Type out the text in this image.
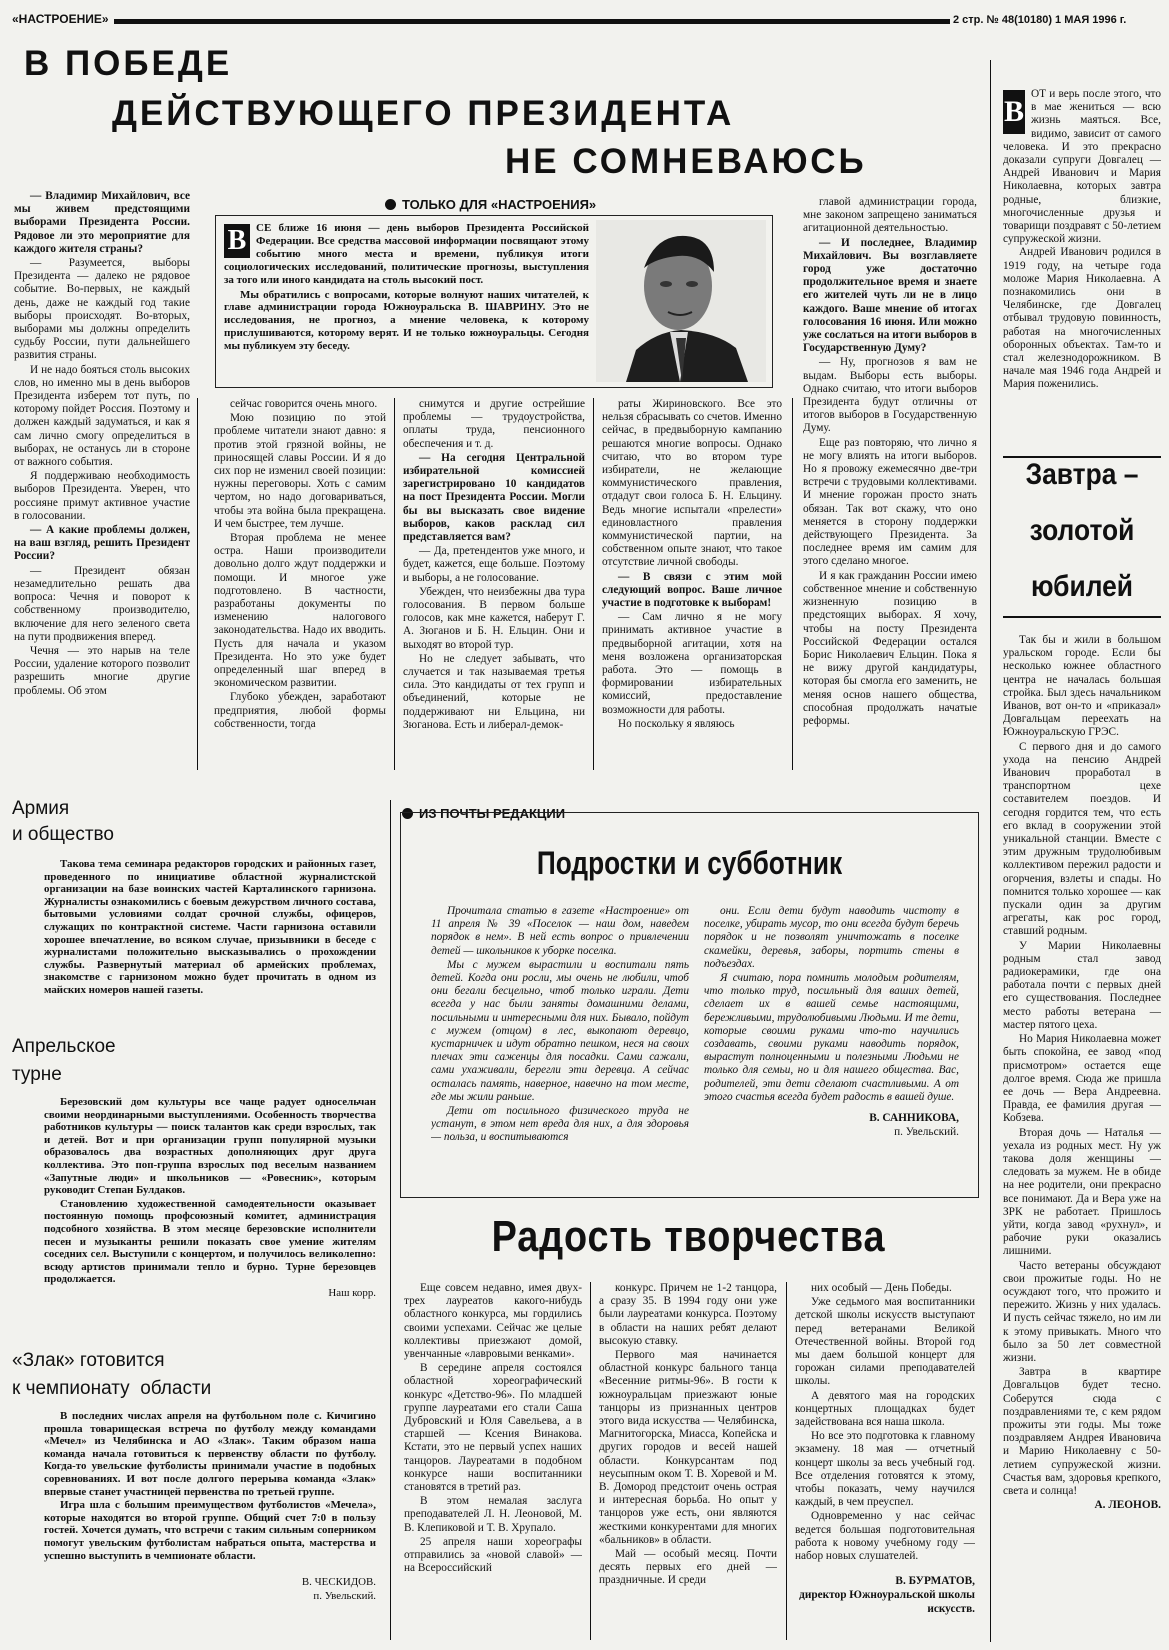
«НАСТРОЕНИЕ»	2 стр. № 48(10180) 1 МАЯ 1996 г.
В ПОБЕДЕ
ДЕЙСТВУЮЩЕГО ПРЕЗИДЕНТА
НЕ СОМНЕВАЮСЬ
ТОЛЬКО ДЛЯ «НАСТРОЕНИЯ»
В СЕ ближе 16 июня — день выборов Президента Российской Федерации. Все средства массовой информации посвящают этому событию много места и времени, публикуя итоги социологических исследований, политические прогнозы, выступления за того или иного кандидата на столь высокий пост.

Мы обратились с вопросами, которые волнуют наших читателей, к главе администрации города Южноуральска В. ШАВРИНУ. Это не исследования, не прогноз, а мнение человека, к которому прислушиваются, которому верят. И не только южноуральцы. Сегодня мы публикуем эту беседу.

— Владимир Михайлович, все мы живем предстоящими выборами Президента России. Рядовое ли это мероприятие для каждого жителя страны?

— Разумеется, выборы Президента — далеко не рядовое событие. Во-первых, не каждый день, даже не каждый год такие выборы происходят. Во-вторых, выборами мы должны определить судьбу России, пути дальнейшего развития страны.

И не надо бояться столь высоких слов, но именно мы в день выборов Президента изберем тот путь, по которому пойдет Россия. Поэтому и должен каждый задуматься, и как я сам лично смогу определиться в выборах, не останусь ли в стороне от важного события.

Я поддерживаю необходимость выборов Президента. Уверен, что россияне примут активное участие в голосовании.

— А какие проблемы должен, на ваш взгляд, решить Президент России?

— Президент обязан незамедлительно решать два вопроса: Чечня и поворот к собственному производителю, включение для него зеленого света на пути продвижения вперед.

Чечня — это нарыв на теле России, удаление которого позволит разрешить многие другие проблемы. Об этом

сейчас говорится очень много.

Мою позицию по этой проблеме читатели знают давно: я против этой грязной войны, не приносящей славы России. И я до сих пор не изменил своей позиции: нужны переговоры. Хоть с самим чертом, но надо договариваться, чтобы эта война была прекращена. И чем быстрее, тем лучше.

Вторая проблема не менее остра. Наши производители довольно долго ждут поддержки и помощи. И многое уже подготовлено. В частности, разработаны документы по изменению налогового законодательства. Надо их вводить. Пусть для начала и указом Президента. Но это уже будет определенный шаг вперед в экономическом развитии.

Глубоко убежден, заработают предприятия, любой формы собственности, тогда

снимутся и другие острейшие проблемы — трудоустройства, оплаты труда, пенсионного обеспечения и т. д.

— На сегодня Центральной избирательной комиссией зарегистрировано 10 кандидатов на пост Президента России. Могли бы вы высказать свое видение выборов, каков расклад сил представляется вам?

— Да, претендентов уже много, и будет, кажется, еще больше. Поэтому и выборы, а не голосование.

Убежден, что неизбежны два тура голосования. В первом больше голосов, как мне кажется, наберут Г. А. Зюганов и Б. Н. Ельцин. Они и выходят во второй тур.

Но не следует забывать, что случается и так называемая третья сила. Это кандидаты от тех групп и объединений, которые не поддерживают ни Ельцина, ни Зюганова. Есть и либерал-демок-

раты Жириновского. Все это нельзя сбрасывать со счетов. Именно сейчас, в предвыборную кампанию решаются многие вопросы. Однако считаю, что во втором туре избиратели, не желающие коммунистического правления, отдадут свои голоса Б. Н. Ельцину. Ведь многие испытали «прелести» единовластного правления коммунистической партии, на собственном опыте знают, что такое отсутствие личной свободы.

— В связи с этим мой следующий вопрос. Ваше личное участие в подготовке к выборам!

— Сам лично я не могу принимать активное участие в предвыборной агитации, хотя на меня возложена организаторская работа. Это — помощь в формировании избирательных комиссий, предоставление возможности для работы.

Но поскольку я являюсь

главой администрации города, мне законом запрещено заниматься агитационной деятельностью.

— И последнее, Владимир Михайлович. Вы возглавляете город уже достаточно продолжительное время и знаете его жителей чуть ли не в лицо каждого. Ваше мнение об итогах голосования 16 июня. Или можно уже сослаться на итоги выборов в Государственную Думу?

— Ну, прогнозов я вам не выдам. Выборы есть выборы. Однако считаю, что итоги выборов Президента будут отличны от итогов выборов в Государственную Думу.

Еще раз повторяю, что лично я не могу влиять на итоги выборов. Но я провожу ежемесячно две-три встречи с трудовыми коллективами. И мнение горожан просто знать обязан. Так вот скажу, что оно меняется в сторону поддержки действующего Президента. За последнее время им самим для этого сделано многое.

И я как гражданин России имею собственное мнение и собственную жизненную позицию в предстоящих выборах. Я хочу, чтобы на посту Президента Российской Федерации остался Борис Николаевич Ельцин. Пока я не вижу другой кандидатуры, которая бы смогла его заменить, не меняя основ нашего общества, способная продолжать начатые реформы.

Армия
и общество

Такова тема семинара редакторов городских и районных газет, проведенного по инициативе областной журналистской организации на базе воинских частей Карталинского гарнизона. Журналисты ознакомились с боевым дежурством личного состава, бытовыми условиями солдат срочной службы, офицеров, служащих по контрактной системе. Части гарнизона оставили хорошее впечатление, во всяком случае, призывники в беседе с журналистами положительно высказывались о прохождении службы. Развернутый материал об армейских проблемах, знакомстве с гарнизоном можно будет прочитать в одном из майских номеров нашей газеты.

Апрельское
турне

Березовский дом культуры все чаще радует односельчан своими неординарными выступлениями. Особенность творчества работников культуры — поиск талантов как среди взрослых, так и детей. Вот и при организации групп популярной музыки образовалось два возрастных дополняющих друг друга коллектива. Это поп-группа взрослых под веселым названием «Запутные люди» и школьников — «Ровесник», которым руководит Степан Булдаков.

Становлению художественной самодеятельности оказывает постоянную помощь профсоюзный комитет, администрация подсобного хозяйства. В этом месяце березовские исполнители песен и музыканты решили показать свое умение жителям соседних сел. Выступили с концертом, и получилось великолепно: всюду артистов принимали тепло и бурно. Турне березовцев продолжается.

Наш корр.

«Злак» готовится
к чемпионату  области

В последних числах апреля на футбольном поле с. Кичигино прошла товарищеская встреча по футболу между командами «Мечел» из Челябинска и АО «Злак». Таким образом наша команда начала готовиться к первенству области по футболу. Когда-то увельские футболисты принимали участие в подобных соревнованиях. И вот после долгого перерыва команда «Злак» впервые станет участницей первенства по третьей группе.

Игра шла с большим преимуществом футболистов «Мечела», которые находятся во второй группе. Общий счет 7:0 в пользу гостей. Хочется думать, что встречи с таким сильным соперником помогут увельским футболистам набраться опыта, мастерства и успешно выступить в чемпионате области.

В. ЧЕСКИДОВ.

п. Увельский.

ИЗ ПОЧТЫ РЕДАКЦИИ
Подростки и субботник

Прочитала статью в газете «Настроение» от 11 апреля № 39 «Поселок — наш дом, наведем порядок в нем». В ней есть вопрос о привлечении детей — школьников к уборке поселка.

Мы с мужем вырастили и воспитали пять детей. Когда они росли, мы очень не любили, чтоб они бегали бесцельно, чтоб только играли. Дети всегда у нас были заняты домашними делами, посильными и интересными для них. Бывало, пойдут с мужем (отцом) в лес, выкопают деревцо, кустарничек и идут обратно пешком, неся на своих плечах эти саженцы для посадки. Сами сажали, сами ухаживали, берегли эти деревца. А сейчас осталась память, наверное, навечно на том месте, где мы жили раньше.

Дети от посильного физического труда не устанут, в этом нет вреда для них, а для здоровья — польза, и воспитываются

они. Если дети будут наводить чистоту в поселке, убирать мусор, то они всегда будут беречь порядок и не позволят уничтожать в поселке скамейки, деревья, заборы, портить стены в подъездах.

Я считаю, пора помнить молодым родителям, что только труд, посильный для ваших детей, сделает их в вашей семье настоящими, бережливыми, трудолюбивыми Людьми. И те дети, которые своими руками что-то научились создавать, своими руками наводить порядок, вырастут полноценными и полезными Людьми не только для семьи, но и для нашего общества. Вас, родителей, эти дети сделают счастливыми. А от этого счастья всегда будет радость в вашей душе.

В. САННИКОВА,

п. Увельский.

Радость творчества

Еще совсем недавно, имея двух-трех лауреатов какого-нибудь областного конкурса, мы гордились своими успехами. Сейчас же целые коллективы приезжают домой, увенчанные «лавровыми венками».

В середине апреля состоялся областной хореографический конкурс «Детство-96». По младшей группе лауреатами его стали Саша Дубровский и Юля Савельева, а в старшей — Ксения Винакова. Кстати, это не первый успех наших танцоров. Лауреатами в подобном конкурсе наши воспитанники становятся в третий раз.

В этом немалая заслуга преподавателей Л. Н. Леоновой, М. В. Клепиковой и Т. В. Хрупало.

25 апреля наши хореографы отправились за «новой славой» — на Всероссийский

конкурс. Причем не 1-2 танцора, а сразу 35. В 1994 году они уже были лауреатами конкурса. Поэтому в области на наших ребят делают высокую ставку.

Первого мая начинается областной конкурс бального танца «Весенние ритмы-96». В гости к южноуральцам приезжают юные танцоры из признанных центров этого вида искусства — Челябинска, Магнитогорска, Миасса, Копейска и других городов и весей нашей области. Конкурсантам под неусыпным оком Т. В. Хоревой и М. В. Домород предстоит очень острая и интересная борьба. Но опыт у танцоров уже есть, они являются жесткими конкурентами для многих «бальников» в области.

Май — особый месяц. Почти десять первых его дней — праздничные. И среди

них особый — День Победы.

Уже седьмого мая воспитанники детской школы искусств выступают перед ветеранами Великой Отечественной войны. Второй год мы даем большой концерт для горожан силами преподавателей школы.

А девятого мая на городских концертных площадках будет задействована вся наша школа.

Но все это подготовка к главному экзамену. 18 мая — отчетный концерт школы за весь учебный год. Все отделения готовятся к этому, чтобы показать, чему научился каждый, в чем преуспел.

Одновременно у нас сейчас ведется большая подготовительная работа к новому учебному году — набор новых слушателей.

В. БУРМАТОВ,

директор Южноуральской школы искусств.

В
ОТ и верь после этого, что в мае жениться — всю жизнь маяться. Все, видимо, зависит от самого человека. И это прекрасно доказали супруги Довгалец — Андрей Иванович и Мария Николаевна, которых завтра родные, близкие, многочисленные друзья и товарищи поздравят с 50-летием супружеской жизни.

Андрей Иванович родился в 1919 году, на четыре года моложе Мария Николаевна. А познакомились они в Челябинске, где Довгалец отбывал трудовую повинность, работая на многочисленных оборонных объектах. Там-то и стал железнодорожником. В начале мая 1946 года Андрей и Мария поженились.

Завтра –
золотой
юбилей

Так бы и жили в большом уральском городе. Если бы несколько южнее областного центра не началась большая стройка. Был здесь начальником Иванов, вот он-то и «приказал» Довгальцам переехать на Южноуральскую ГРЭС.

С первого дня и до самого ухода на пенсию Андрей Иванович проработал в транспортном цехе составителем поездов. И сегодня гордится тем, что есть его вклад в сооружении этой уникальной станции. Вместе с этим дружным трудолюбивым коллективом пережил радости и огорчения, взлеты и спады. Но помнится только хорошее — как пускали один за другим агрегаты, как рос город, ставший родным.

У Марии Николаевны родным стал завод радиокерамики, где она работала почти с первых дней его существования. Последнее место работы ветерана — мастер пятого цеха.

Но Мария Николаевна может быть спокойна, ее завод «под присмотром» остается еще долгое время. Сюда же пришла ее дочь — Вера Андреевна. Правда, ее фамилия другая — Кобзева.

Вторая дочь — Наталья — уехала из родных мест. Ну уж такова доля женщины — следовать за мужем. Не в обиде на нее родители, они прекрасно все понимают. Да и Вера уже на ЗРК не работает. Пришлось уйти, когда завод «рухнул», и рабочие руки оказались лишними.

Часто ветераны обсуждают свои прожитые годы. Но не осуждают того, что прожито и пережито. Жизнь у них удалась. И пусть сейчас тяжело, но им ли к этому привыкать. Много что было за 50 лет совместной жизни.

Завтра в квартире Довгальцов будет тесно. Соберутся сюда с поздравлениями те, с кем рядом прожиты эти годы. Мы тоже поздравляем Андрея Ивановича и Марию Николаевну с 50-летием супружеской жизни. Счастья вам, здоровья крепкого, света и солнца!

А. ЛЕОНОВ.
